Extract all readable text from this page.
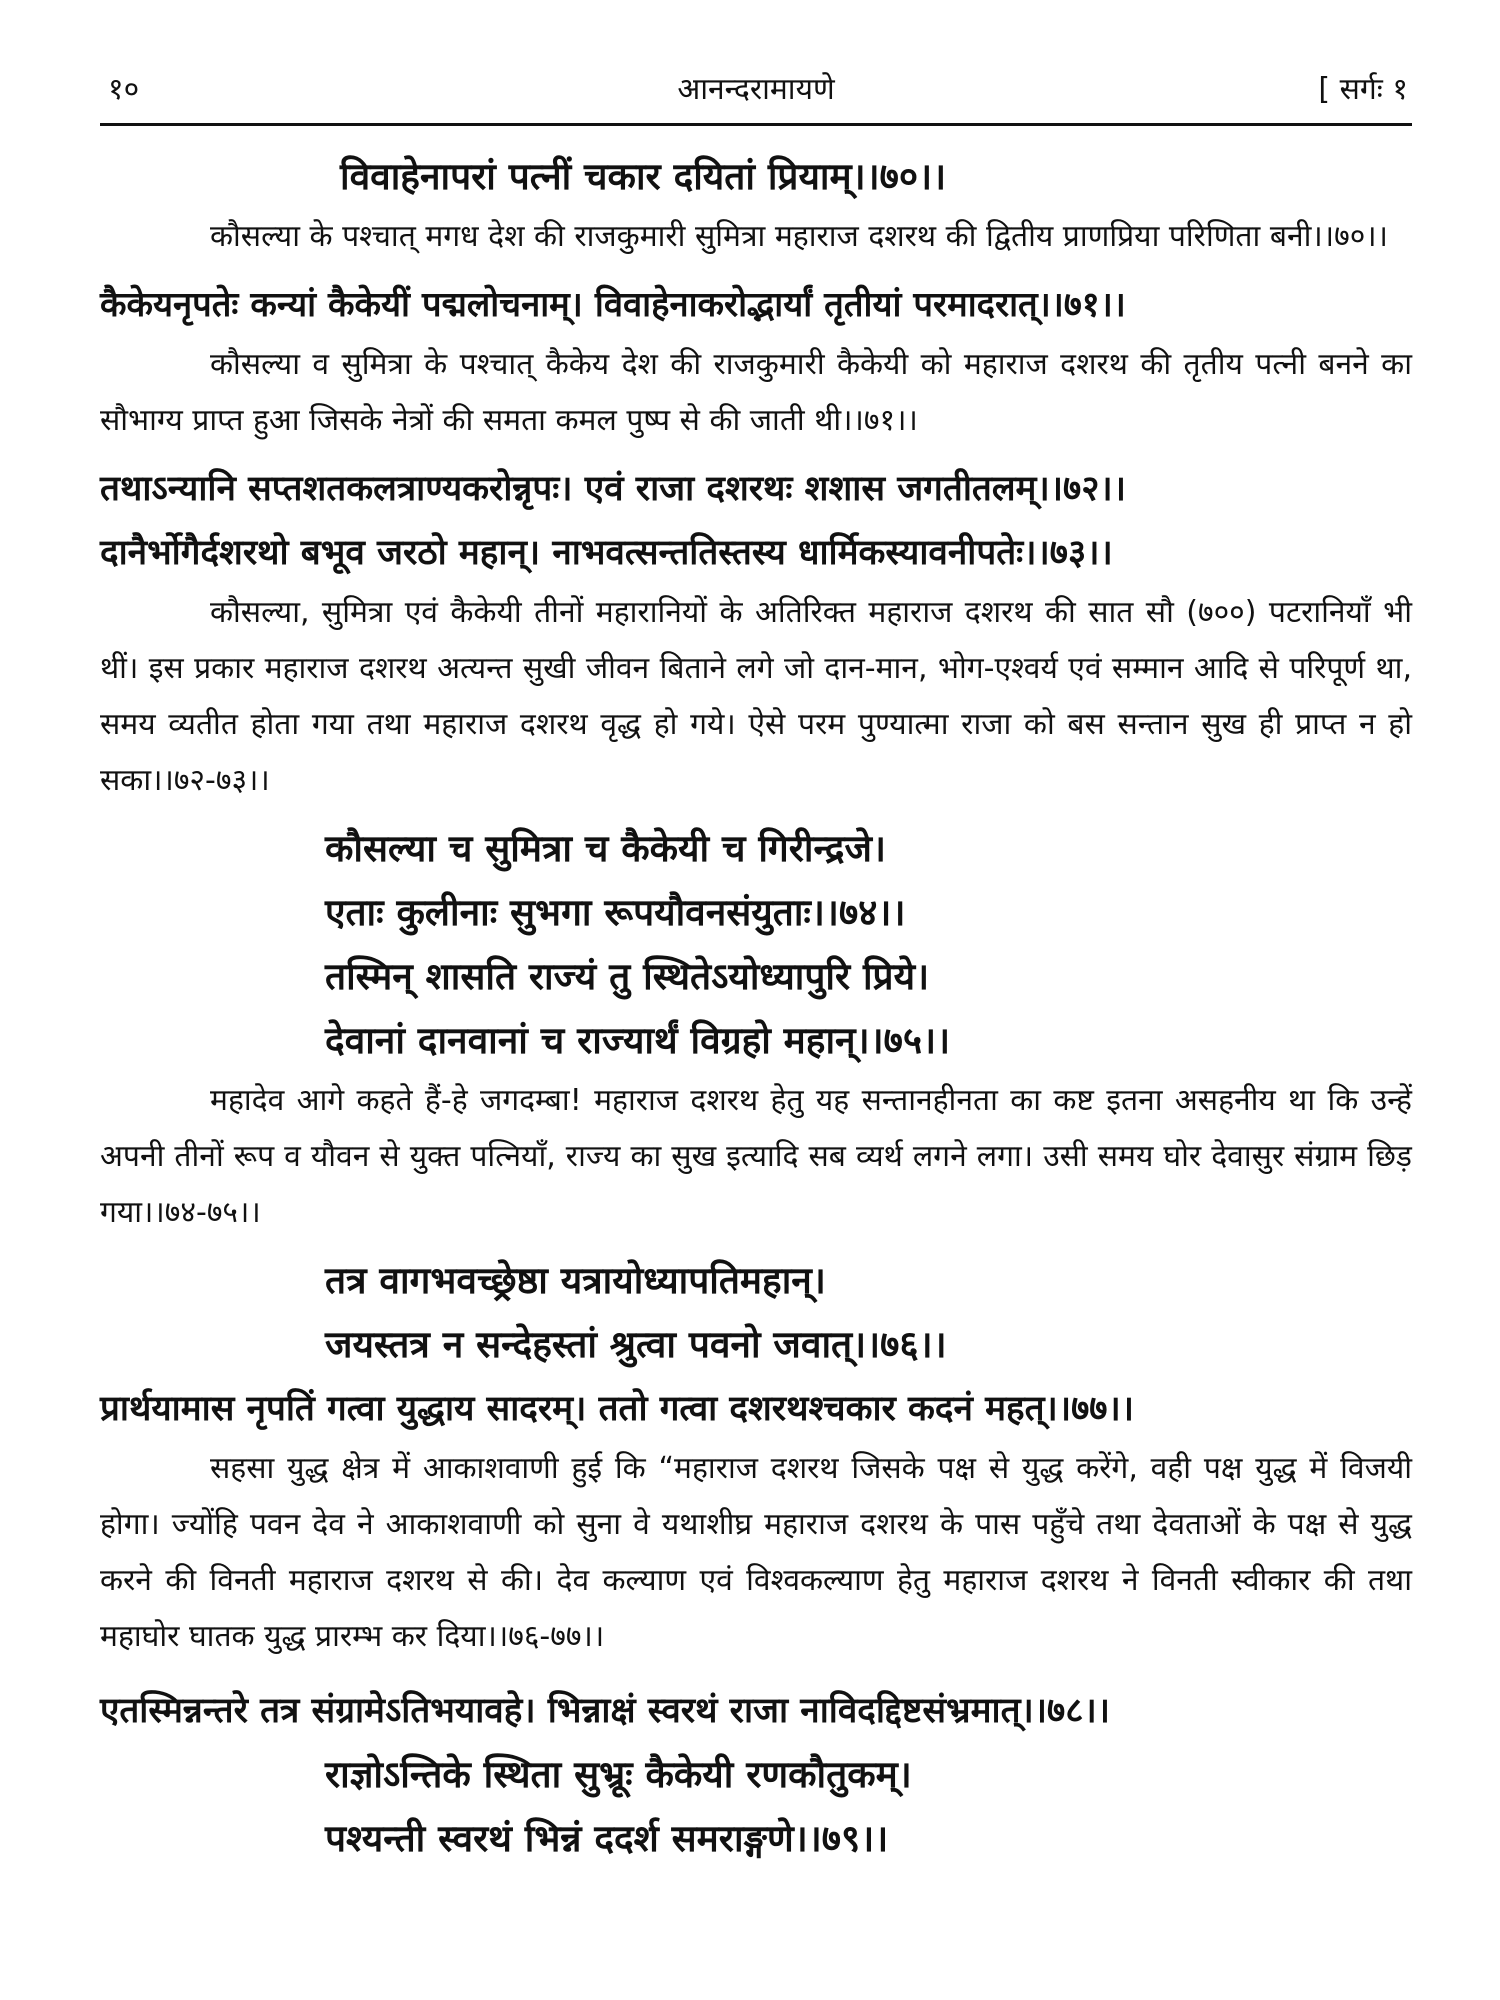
१०	आनन्दरामायणे	[ सर्गः १
विवाहेनापरां पत्नीं चकार दयितां प्रियाम्।।७०।।
कौसल्या के पश्चात् मगध देश की राजकुमारी सुमित्रा महाराज दशरथ की द्वितीय प्राणप्रिया परिणिता बनी।।७०।।
कैकेयनृपतेः कन्यां कैकेयीं पद्मलोचनाम्। विवाहेनाकरोद्भार्यां तृतीयां परमादरात्।।७१।।
कौसल्या व सुमित्रा के पश्चात् कैकेय देश की राजकुमारी कैकेयी को महाराज दशरथ की तृतीय पत्नी बनने का सौभाग्य प्राप्त हुआ जिसके नेत्रों की समता कमल पुष्प से की जाती थी।।७१।।
तथाऽन्यानि सप्तशतकलत्राण्यकरोन्नृपः। एवं राजा दशरथः शशास जगतीतलम्।।७२।।
दानैर्भोगैर्दशरथो बभूव जरठो महान्। नाभवत्सन्ततिस्तस्य धार्मिकस्यावनीपतेः।।७३।।
कौसल्या, सुमित्रा एवं कैकेयी तीनों महारानियों के अतिरिक्त महाराज दशरथ की सात सौ (७००) पटरानियाँ भी थीं। इस प्रकार महाराज दशरथ अत्यन्त सुखी जीवन बिताने लगे जो दान-मान, भोग-एश्वर्य एवं सम्मान आदि से परिपूर्ण था, समय व्यतीत होता गया तथा महाराज दशरथ वृद्ध हो गये। ऐसे परम पुण्यात्मा राजा को बस सन्तान सुख ही प्राप्त न हो सका।।७२-७३।।
कौसल्या च सुमित्रा च कैकेयी च गिरीन्द्रजे।
एताः कुलीनाः सुभगा रूपयौवनसंयुताः।।७४।।
तस्मिन् शासति राज्यं तु स्थितेऽयोध्यापुरि प्रिये।
देवानां दानवानां च राज्यार्थं विग्रहो महान्।।७५।।
महादेव आगे कहते हैं-हे जगदम्बा! महाराज दशरथ हेतु यह सन्तानहीनता का कष्ट इतना असहनीय था कि उन्हें अपनी तीनों रूप व यौवन से युक्त पत्नियाँ, राज्य का सुख इत्यादि सब व्यर्थ लगने लगा। उसी समय घोर देवासुर संग्राम छिड़ गया।।७४-७५।।
तत्र वागभवच्छ्रेष्ठा यत्रायोध्यापतिमहान्।
जयस्तत्र न सन्देहस्तां श्रुत्वा पवनो जवात्।।७६।।
प्रार्थयामास नृपतिं गत्वा युद्धाय सादरम्। ततो गत्वा दशरथश्चकार कदनं महत्।।७७।।
सहसा युद्ध क्षेत्र में आकाशवाणी हुई कि “महाराज दशरथ जिसके पक्ष से युद्ध करेंगे, वही पक्ष युद्ध में विजयी होगा। ज्योंहि पवन देव ने आकाशवाणी को सुना वे यथाशीघ्र महाराज दशरथ के पास पहुँचे तथा देवताओं के पक्ष से युद्ध करने की विनती महाराज दशरथ से की। देव कल्याण एवं विश्वकल्याण हेतु महाराज दशरथ ने विनती स्वीकार की तथा महाघोर घातक युद्ध प्रारम्भ कर दिया।।७६-७७।।
एतस्मिन्नन्तरे तत्र संग्रामेऽतिभयावहे। भिन्नाक्षं स्वरथं राजा नाविदद्दिष्टसंभ्रमात्।।७८।।
राज्ञोऽन्तिके स्थिता सुभ्रूः कैकेयी रणकौतुकम्।
पश्यन्ती स्वरथं भिन्नं ददर्श समराङ्गणे।।७९।।
